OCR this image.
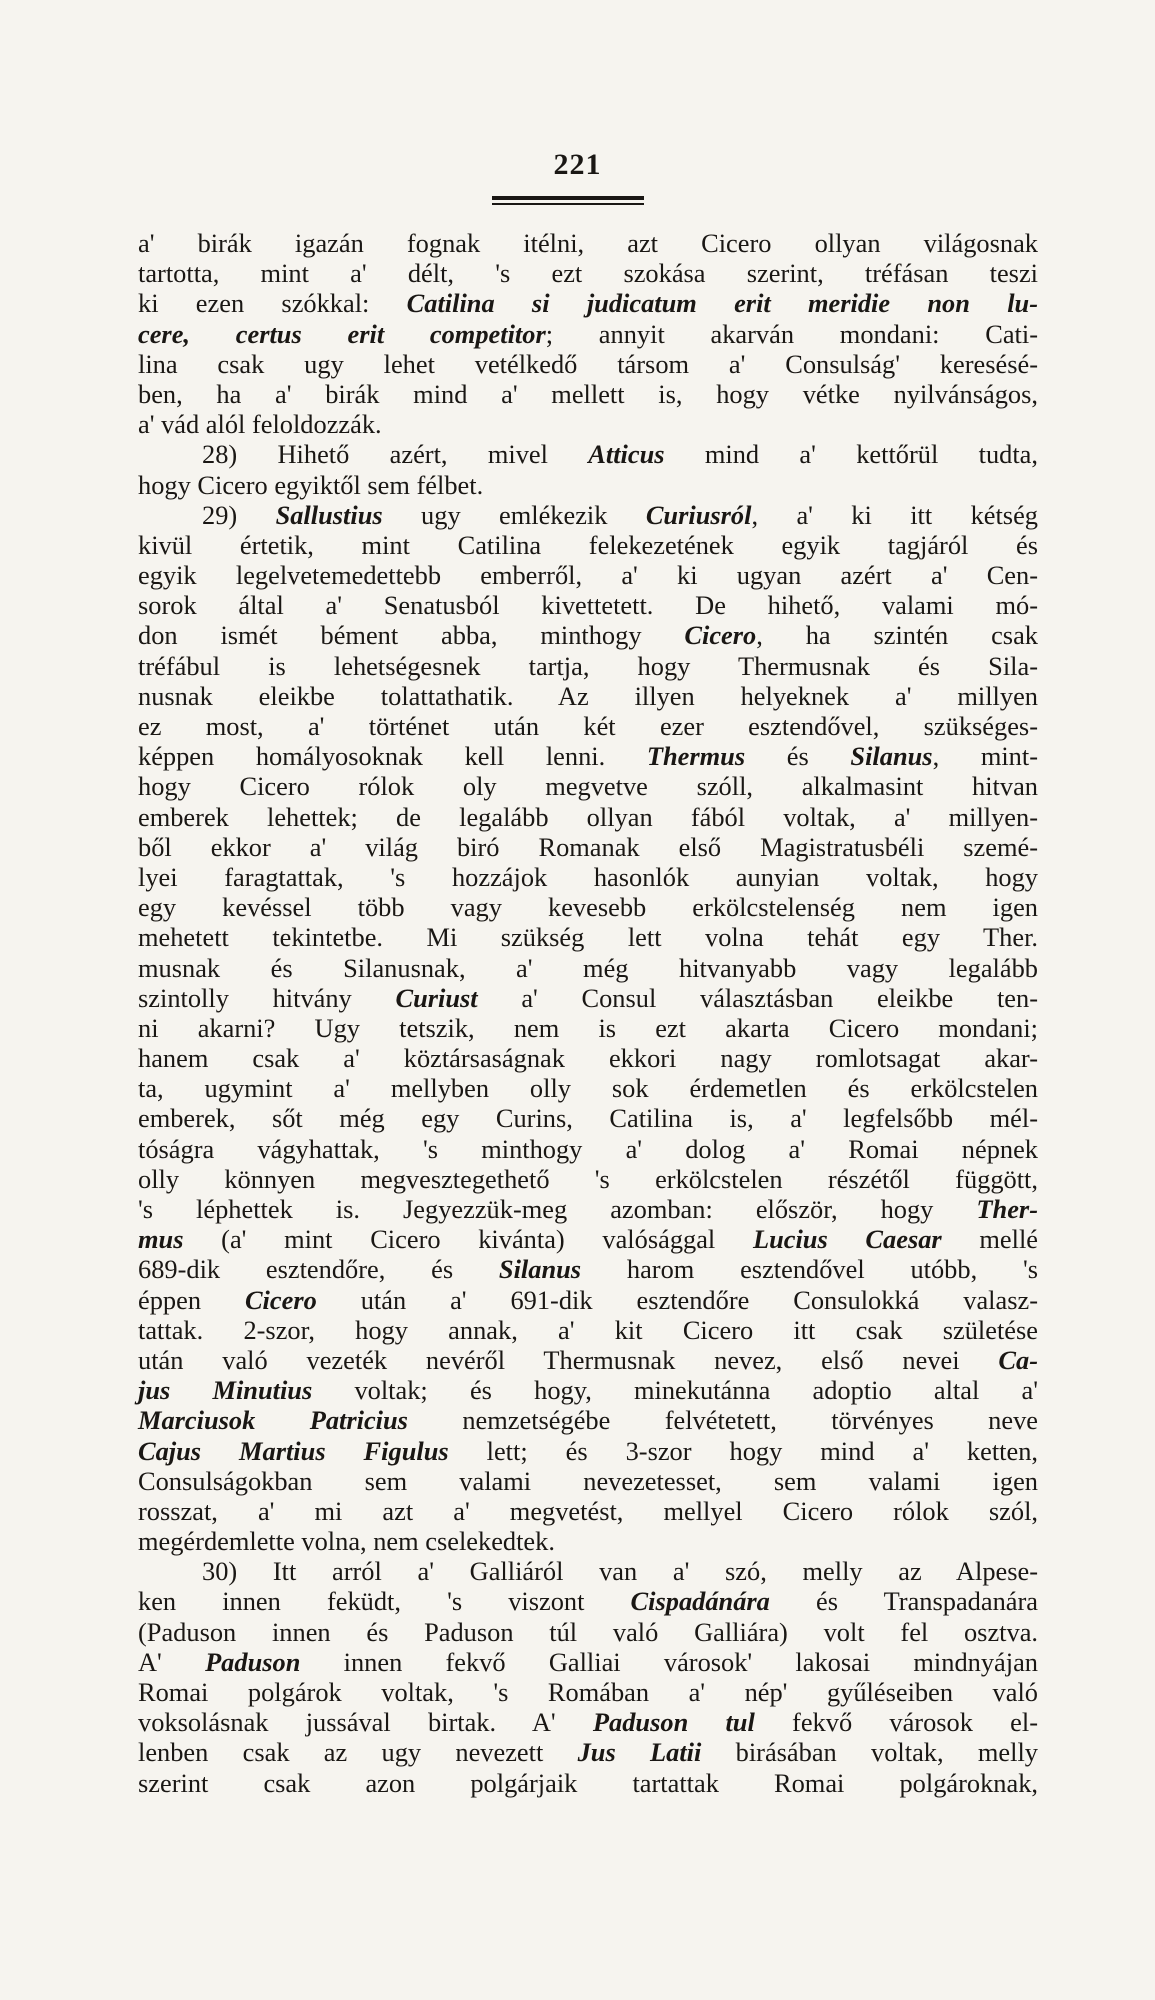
221
a' birák igazán fognak itélni, azt Cicero ollyan világosnak
tartotta, mint a' délt, 's ezt szokása szerint, tréfásan teszi
ki ezen szókkal: Catilina si judicatum erit meridie non lu-
cere, certus erit competitor; annyit akarván mondani: Cati-
lina csak ugy lehet vetélkedő társom a' Consulság' keresésé-
ben, ha a' birák mind a' mellett is, hogy vétke nyilvánságos,
a' vád alól feloldozzák.
28) Hihető azért, mivel Atticus mind a' kettőrül tudta,
hogy Cicero egyiktől sem félbet.
29) Sallustius ugy emlékezik Curiusról, a' ki itt kétség
kivül értetik, mint Catilina felekezetének egyik tagjáról és
egyik legelvetemedettebb emberről, a' ki ugyan azért a' Cen-
sorok által a' Senatusból kivettetett. De hihető, valami mó-
don ismét bément abba, minthogy Cicero, ha szintén csak
tréfábul is lehetségesnek tartja, hogy Thermusnak és Sila-
nusnak eleikbe tolattathatik. Az illyen helyeknek a' millyen
ez most, a' történet után két ezer esztendővel, szükséges-
képpen homályosoknak kell lenni. Thermus és Silanus, mint-
hogy Cicero rólok oly megvetve szóll, alkalmasint hitvan
emberek lehettek; de legalább ollyan fából voltak, a' millyen-
ből ekkor a' világ biró Romanak első Magistratusbéli szemé-
lyei faragtattak, 's hozzájok hasonlók aunyian voltak, hogy
egy kevéssel több vagy kevesebb erkölcstelenség nem igen
mehetett tekintetbe. Mi szükség lett volna tehát egy Ther.
musnak és Silanusnak, a' még hitvanyabb vagy legalább
szintolly hitvány Curiust a' Consul választásban eleikbe ten-
ni akarni? Ugy tetszik, nem is ezt akarta Cicero mondani;
hanem csak a' köztársaságnak ekkori nagy romlotsagat akar-
ta, ugymint a' mellyben olly sok érdemetlen és erkölcstelen
emberek, sőt még egy Curins, Catilina is, a' legfelsőbb mél-
tóságra vágyhattak, 's minthogy a' dolog a' Romai népnek
olly könnyen megvesztegethető 's erkölcstelen részétől függött,
's léphettek is. Jegyezzük-meg azomban: először, hogy Ther-
mus (a' mint Cicero kivánta) valósággal Lucius Caesar mellé
689-dik esztendőre, és Silanus harom esztendővel utóbb, 's
éppen Cicero után a' 691-dik esztendőre Consulokká valasz-
tattak. 2-szor, hogy annak, a' kit Cicero itt csak születése
után való vezeték nevéről Thermusnak nevez, első nevei Ca-
jus Minutius voltak; és hogy, minekutánna adoptio altal a'
Marciusok Patricius nemzetségébe felvétetett, törvényes neve
Cajus Martius Figulus lett; és 3-szor hogy mind a' ketten,
Consulságokban sem valami nevezetesset, sem valami igen
rosszat, a' mi azt a' megvetést, mellyel Cicero rólok szól,
megérdemlette volna, nem cselekedtek.
30) Itt arról a' Galliáról van a' szó, melly az Alpese-
ken innen feküdt, 's viszont Cispadánára és Transpadanára
(Paduson innen és Paduson túl való Galliára) volt fel osztva.
A' Paduson innen fekvő Galliai városok' lakosai mindnyájan
Romai polgárok voltak, 's Romában a' nép' gyűléseiben való
voksolásnak jussával birtak. A' Paduson tul fekvő városok el-
lenben csak az ugy nevezett Jus Latii birásában voltak, melly
szerint csak azon polgárjaik tartattak Romai polgároknak,
